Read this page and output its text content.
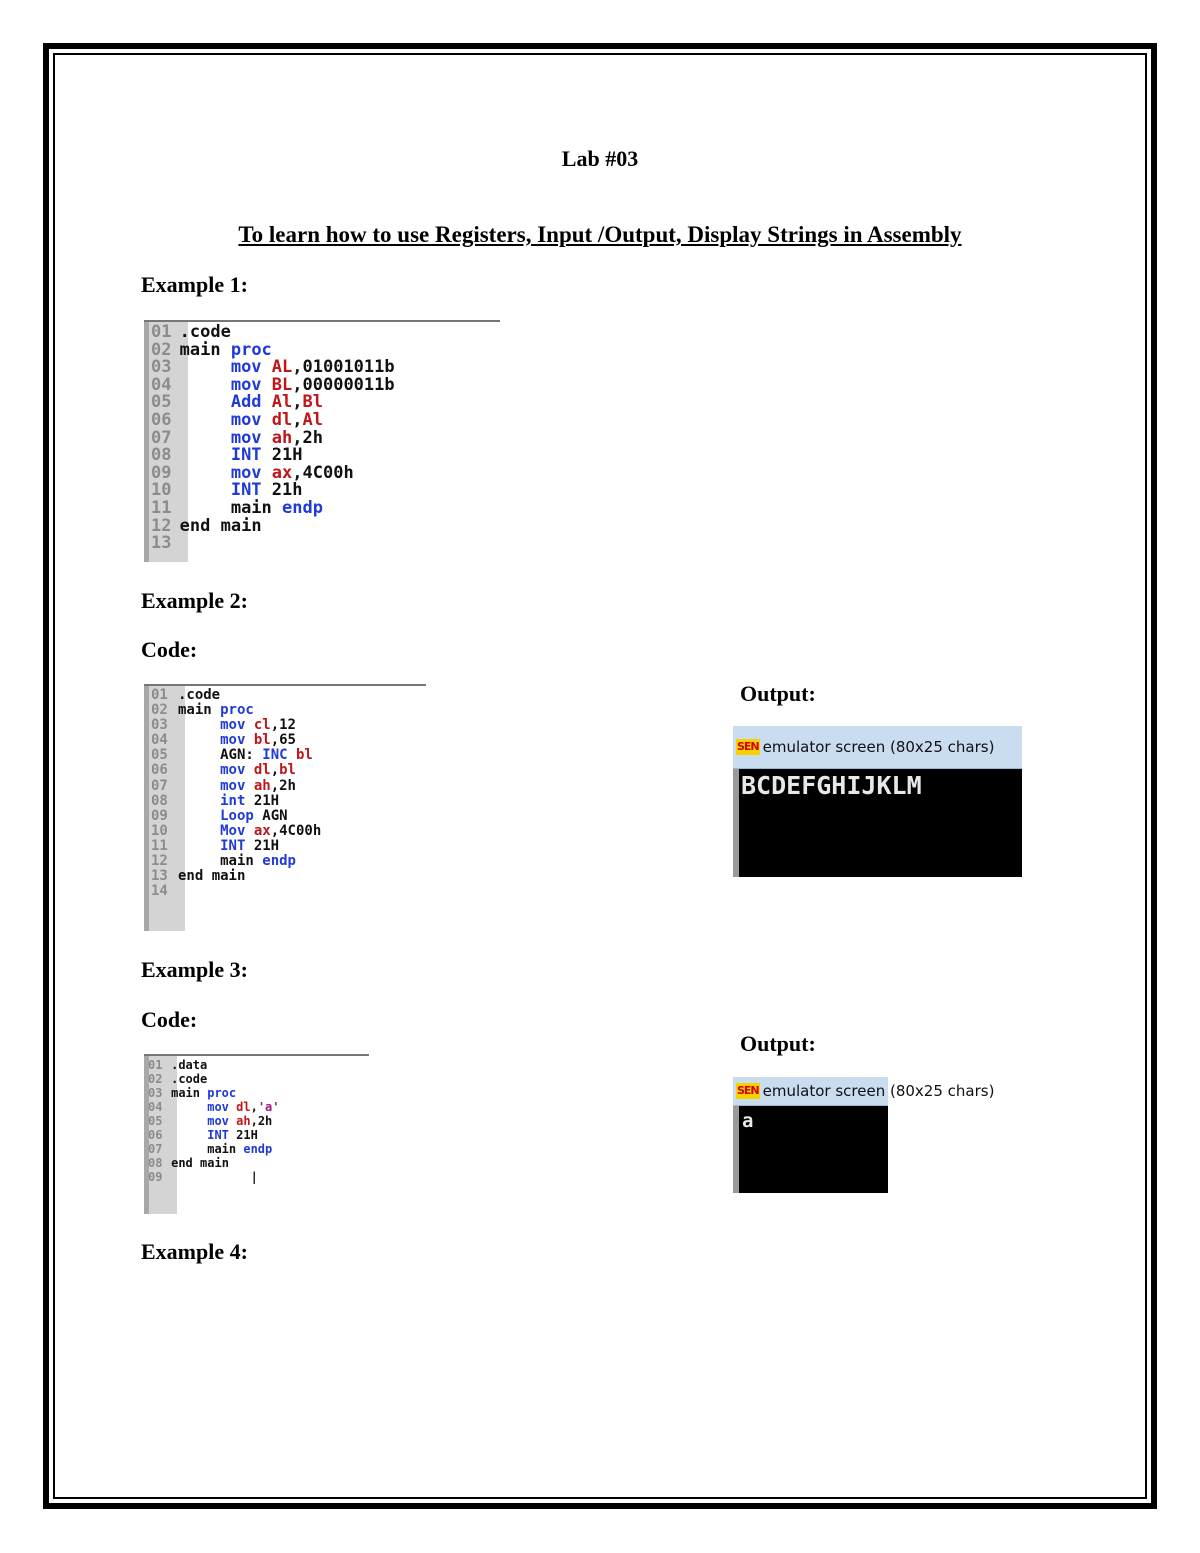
Lab #03
To learn how to use Registers, Input /Output, Display Strings in Assembly
Example 1:
01 .code
02 main proc
03     mov AL,01001011b
04     mov BL,00000011b
05     Add Al,Bl
06     mov dl,Al
07     mov ah,2h
08     INT 21H
09     mov ax,4C00h
10     INT 21h
11     main endp
12 end main
13
Example 2:
Code:
01 .code
02 main proc
03     mov cl,12
04     mov bl,65
05     AGN: INC bl
06     mov dl,bl
07     mov ah,2h
08     int 21H
09     Loop AGN
10     Mov ax,4C00h
11     INT 21H
12     main endp
13 end main
14
Output:
SEN emulator screen (80x25 chars)
BCDEFGHIJKLM
Example 3:
Code:
01 .data
02 .code
03 main proc
04     mov dl,'a'
05     mov ah,2h
06     INT 21H
07     main endp
08 end main
09           |
Output:
SEN emulator screen (80x25 chars)
a
Example 4:
